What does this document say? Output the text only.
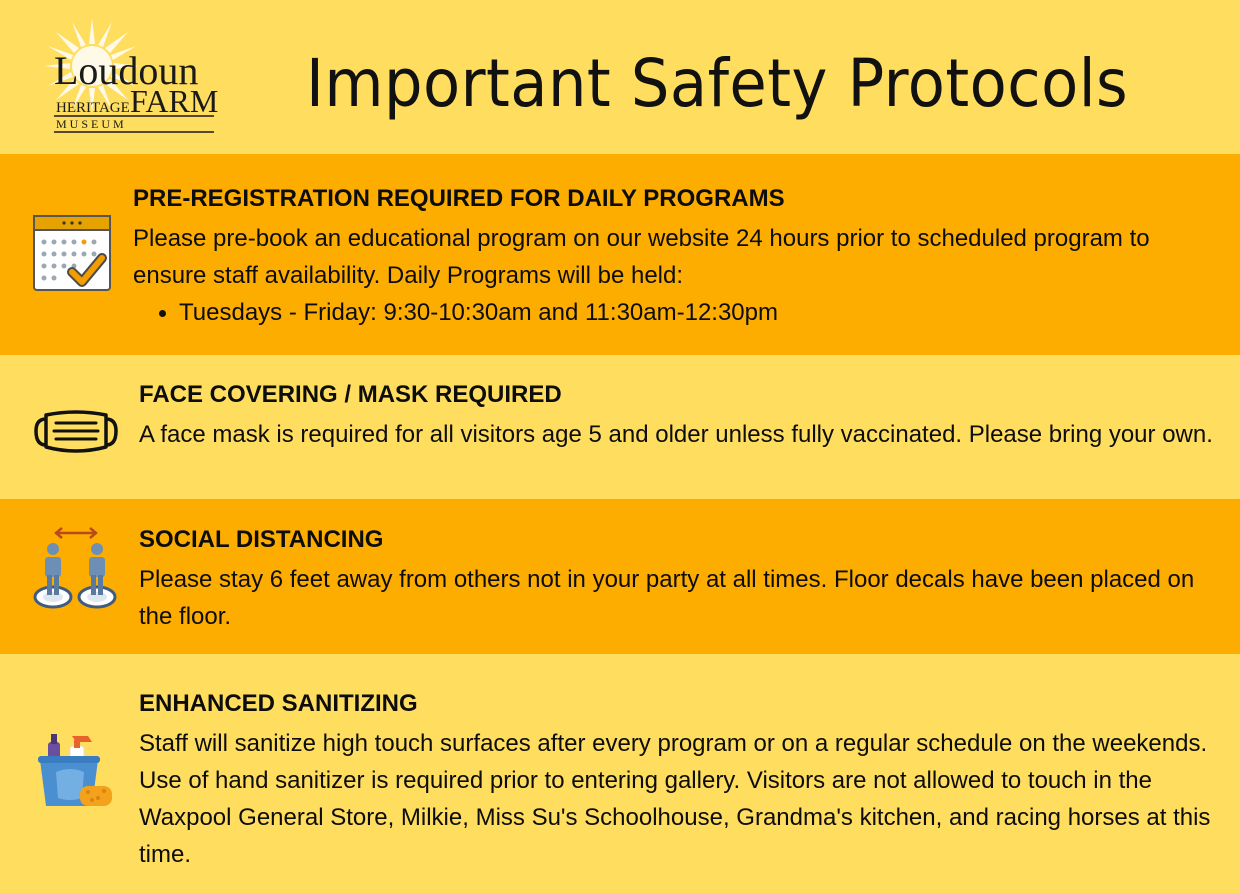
Loudoun
HERITAGE FARM
M U S E U M
Important Safety Protocols

PRE-REGISTRATION REQUIRED FOR DAILY PROGRAMS

Please pre-book an educational program on our website 24 hours prior to scheduled program to ensure staff availability. Daily Programs will be held:

Tuesdays - Friday: 9:30-10:30am and 11:30am-12:30pm

FACE COVERING / MASK REQUIRED

A face mask is required for all visitors age 5 and older unless fully vaccinated. Please bring your own.

SOCIAL DISTANCING

Please stay 6 feet away from others not in your party at all times. Floor decals have been placed on the floor.

ENHANCED SANITIZING

Staff will sanitize high touch surfaces after every program or on a regular schedule on the weekends. Use of hand sanitizer is required prior to entering gallery. Visitors are not allowed to touch in the Waxpool General Store, Milkie, Miss Su's Schoolhouse, Grandma's kitchen, and racing horses at this time.
